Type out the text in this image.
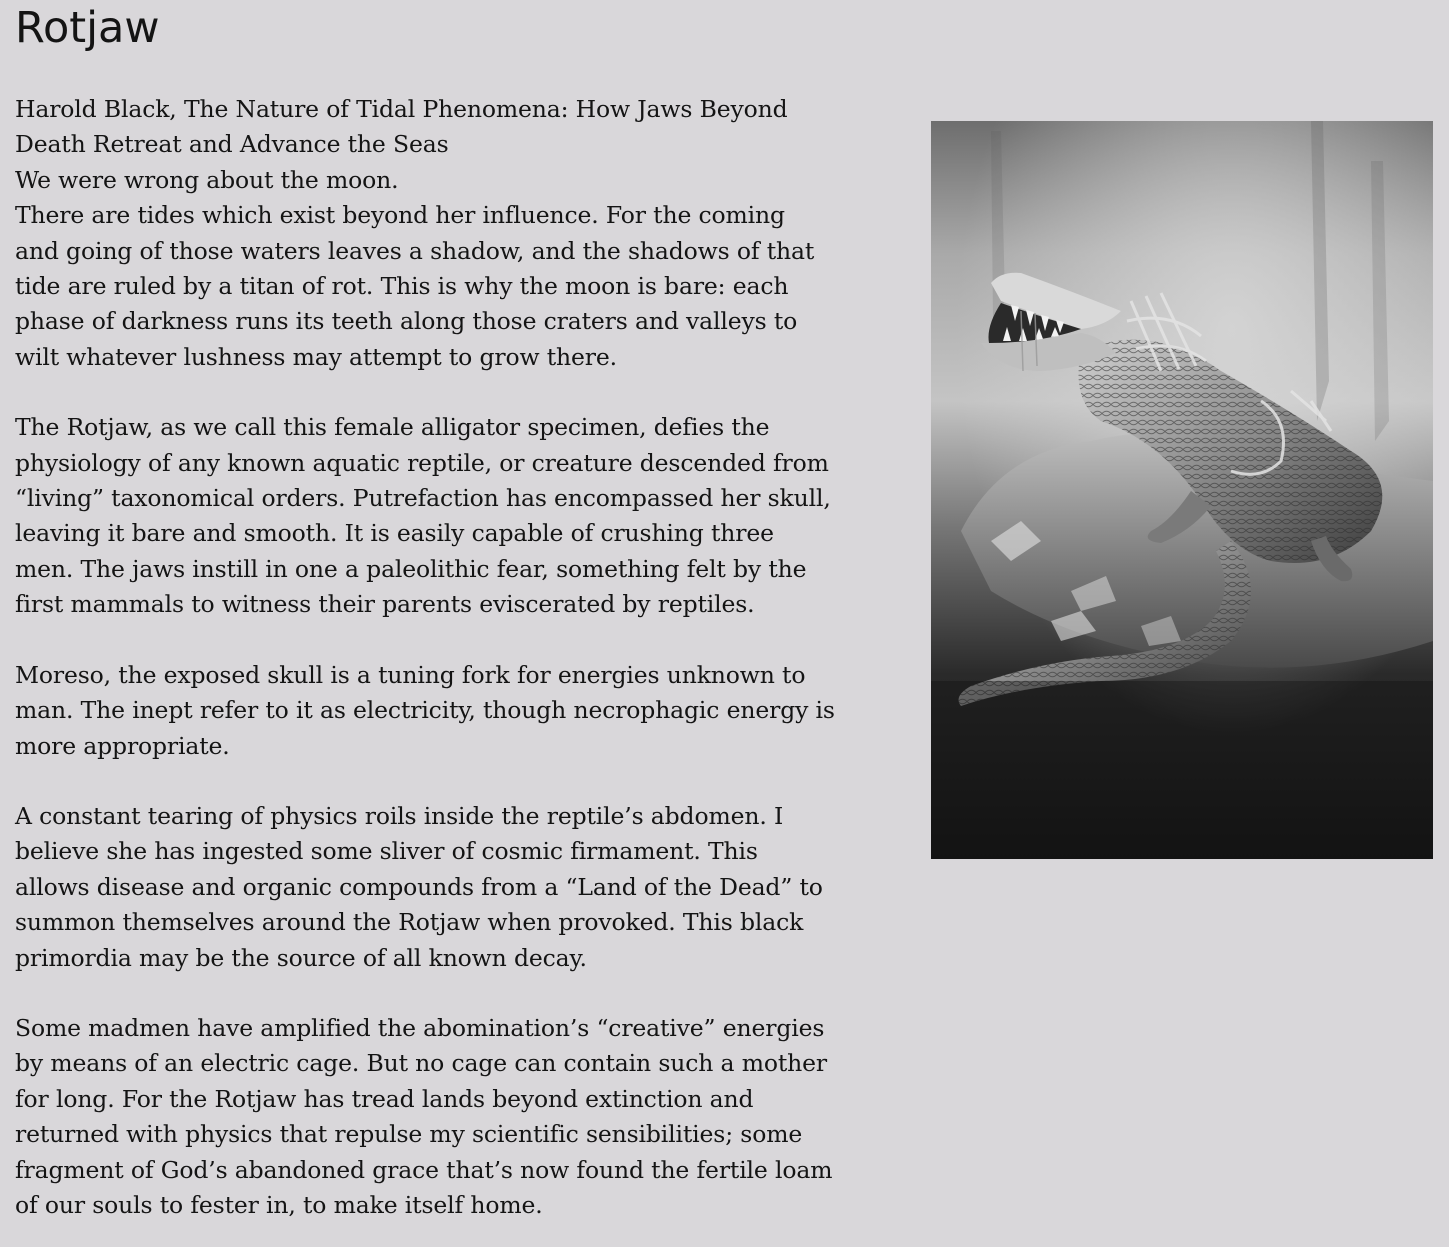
Rotjaw

Harold Black, The Nature of Tidal Phenomena: How Jaws Beyond
Death Retreat and Advance the Seas

We were wrong about the moon.
There are tides which exist beyond her influence. For the coming
and going of those waters leaves a shadow, and the shadows of that
tide are ruled by a titan of rot. This is why the moon is bare: each
phase of darkness runs its teeth along those craters and valleys to
wilt whatever lushness may attempt to grow there.

The Rotjaw, as we call this female alligator specimen, defies the
physiology of any known aquatic reptile, or creature descended from
“living” taxonomical orders. Putrefaction has encompassed her skull,
leaving it bare and smooth. It is easily capable of crushing three
men. The jaws instill in one a paleolithic fear, something felt by the
first mammals to witness their parents eviscerated by reptiles.

Moreso, the exposed skull is a tuning fork for energies unknown to
man. The inept refer to it as electricity, though necrophagic energy is
more appropriate.

A constant tearing of physics roils inside the reptile’s abdomen. I
believe she has ingested some sliver of cosmic firmament. This
allows disease and organic compounds from a “Land of the Dead” to
summon themselves around the Rotjaw when provoked. This black
primordia may be the source of all known decay.

Some madmen have amplified the abomination’s “creative” energies
by means of an electric cage. But no cage can contain such a mother
for long. For the Rotjaw has tread lands beyond extinction and
returned with physics that repulse my scientific sensibilities; some
fragment of God’s abandoned grace that’s now found the fertile loam
of our souls to fester in, to make itself home.
